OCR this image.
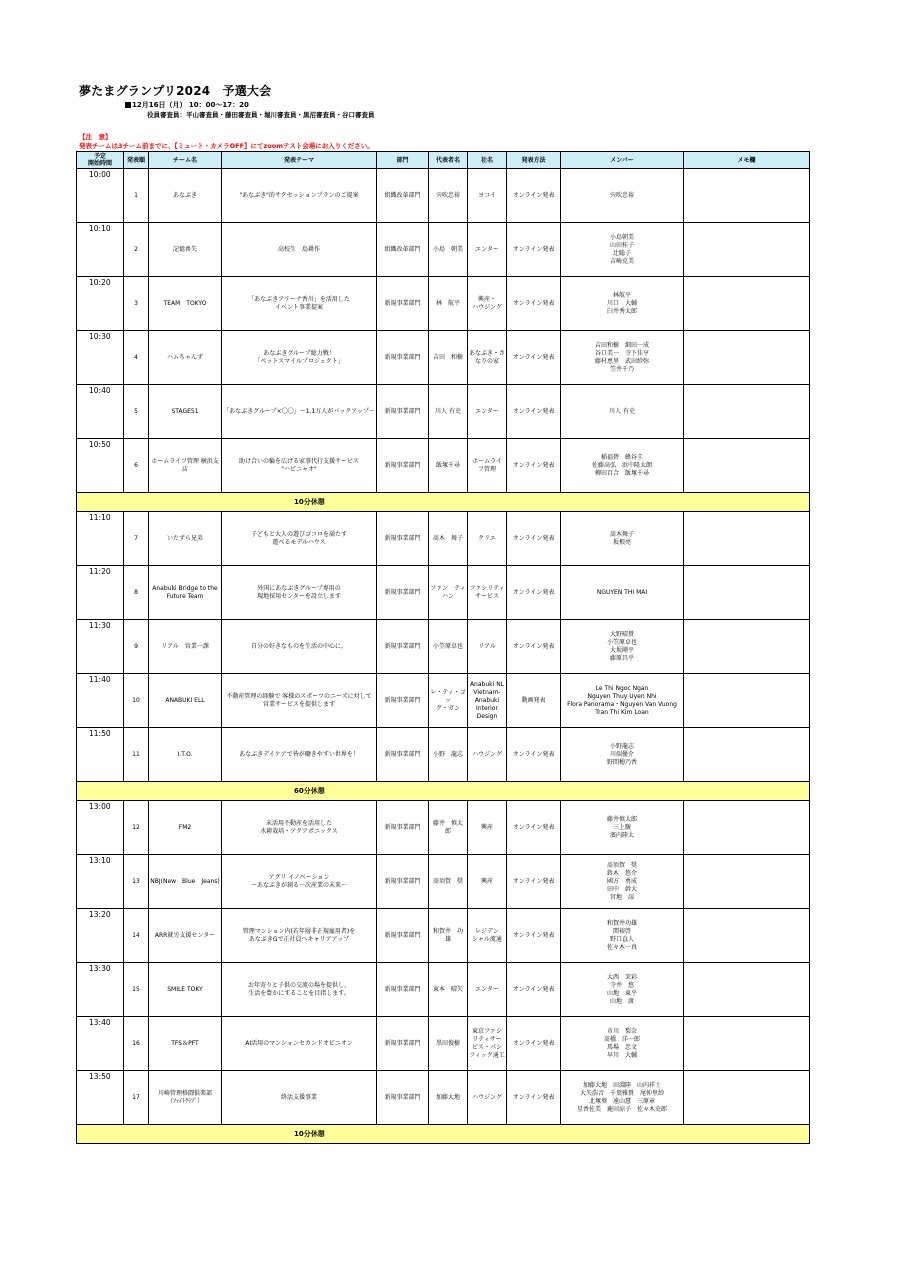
夢たまグランプリ2024　予選大会
12月16日（月） 10：00～17：20
役員審査員：平山審査員・藤田審査員・堀川審査員・黒沼審査員・谷口審査員
【注　意】
発表チームは3チーム前までに、【ミュート・カメラOFF】にてzoomテスト会場にお入りください。
予定
開始時間	発表順	チーム名	発表テーマ	部門	代表者名	社名	発表方法	メンバー	メモ欄
10:00	1	あなぶき	"あなぶき"的サクセッションプランのご提案	組織改革部門	宍吹忠裕	ヨコイ	オンライン発表	宍吹忠裕	
10:10	2	記憶喪失	高校生　島耕作	組織改革部門	小島　朝美	エンター	オンライン発表	小島朝美
山田桂子
辻聡子
吉崎克美	
10:20	3	TEAM　TOKYO	「あなぶきアリーナ香川」を活用した
イベント事業提案	新規事業部門	林　航平	興産・
ハウジング	オンライン発表	林航平
川口　大輔
臼井秀太郎	
10:30	4	ハムちゃんず	あなぶきグループ総力戦！
「ペットスマイルプロジェクト」	新規事業部門	吉田　和樹	あなぶき・さ
なりの家	オンライン発表	吉田和樹　細田一成
谷口美一　寺下佳亨
藤村恵里　武田紗弥
笠井千乃	
10:40	5	STAGE51	「あなぶきグループ×〇〇」～1.1万人がバックアップ～	新規事業部門	川人 有史	エンター	オンライン発表	川人 有史	
10:50	6	ホームライフ管理 横浜支店	助け合いの輪を広げる家事代行支援サービス
"ハピニャオ"	新規事業部門	飯塚千尋	ホームライ
フ管理	オンライン発表	稲福碧　蜂谷圭
佐藤高弘　浜中隆太朗
柳田百合　飯塚千尋	
10分休憩									
11:10	7	いたずら兄弟	子どもと大人の遊びゴコロを満たす
遊べるモデルハウス	新規事業部門	髙木　舞子	クリエ	オンライン発表	髙木舞子
坂根亮	
11:20	8	Anabuki Bridge to the Future Team	外国にあなぶきグループ専用の
現地採用センターを設立します	新規事業部門	ファン　ティ
ハン	ファシリティ
サービス	オンライン発表	NGUYEN THI MAI	
11:30	9	リアル　営業一課	自分の好きなものを生活の中心に。	新規事業部門	小笠原卓也	リアル	オンライン発表	大野晴貴
小笠原卓也
大坂剛平
藤原昌平	
11:40	10	ANABUKI ELL	不動産管理の経験で 客様のスポーツのニーズに対して　営業サービスを提供します	新規事業部門	レ・ティ・ゴッ
ク・ガン	Anabuki NL
Vietnam-
Anabuki
Interior
Design	動画発表	Le Thi Ngoc Ngan
Nguyen Thuy Uyen Nhi
Flora Panorama・Nguyen Van Vuong
Tran Thi Kim Loan	
11:50	11	I.T.O.	あなぶきデイケアで皆が働きやすい世界を！	新規事業部門	小野　龍志	ハウジング	オンライン発表	小野龍志
川端優介
野間穂乃香	
60分休憩									
13:00	12	FM2	未活用不動産を活用した
水耕栽培・アクアポニックス	新規事業部門	藤井　慎太
郎	興産	オンライン発表	藤井慎太郎
三上駿
濱内陸太	
13:10	13	NBJ(New　Blue　Jeans)	アグリ イノベーション
～あなぶきが創る一次産業の未来～	新規事業部門	髙須賀　奨	興産	オンライン発表	髙須賀　奨
鈴木　悠介
國方　勇成
田中　幹大
宮地　諒	
13:20	14	ARR就労支援センター	管理マンション内(若年層非正規雇用者)を
あなぶきGで正社員へキャリアアップ	新規事業部門	和賀井　功
雄	レジデン
シャル流通	オンライン発表	和賀井功雄
関裕啓
野口直人
佐々木一真	
13:30	15	SMILE TOKY	お年寄りと子供の交流の場を提供し、
生活を豊かにすることを目指します。	新規事業部門	東本　晴矢	エンター	オンライン発表	大西　茉彩
寺井　悠
山地　東平
山地　渡	
13:40	16	TFS＆PFT	AI活用のマンションセカンドオピニオン	新規事業部門	黒田俊樹	東京ファシ
リティサー
ビス・パシ
フィック通工	オンライン発表	市川　梨奈
髙橋　洋一郎
馬場　忠文
早川　大輔	
13:50	17	川崎管理格闘倶楽部
（ﾌｧｲﾄｸﾗﾌﾞ）	終活支援事業	新規事業部門	加藤大地	ハウジング	オンライン発表	加藤大地　田淵陸　山内祥士
大矢浩音　千葉雅貴　尾仲里紗
北塚葵　遠山慧　三原章
星香佐美　鹿田涼子　佐々木史郎	
10分休憩									
